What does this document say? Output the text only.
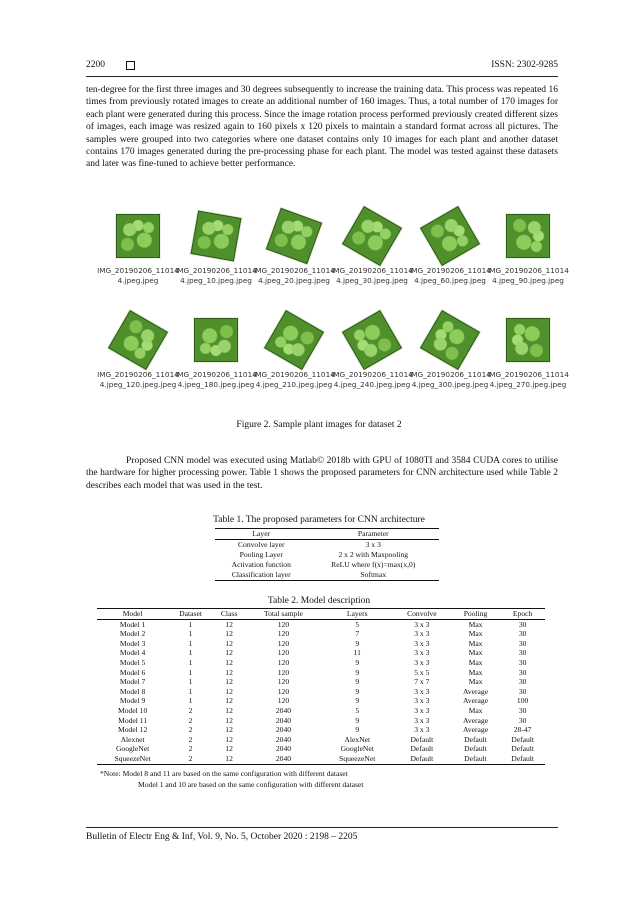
2200	ISSN: 2302-9285

ten-degree for the first three images and 30 degrees subsequently to increase the training data. This process was repeated 16 times from previously rotated images to create an additional number of 160 images. Thus, a total number of 170 images for each plant were generated during this process. Since the image rotation process performed previously created different sizes of images, each image was resized again to 160 pixels x 120 pixels to maintain a standard format across all pictures. The samples were grouped into two categories where one dataset contains only 10 images for each plant and another dataset contains 170 images generated during the pre-processing phase for each plant. The model was tested against these datasets and later was fine-tuned to achieve better performance.

IMG_20190206_110144.jpeg.jpeg
IMG_20190206_110144.jpeg_10.jpeg.jpeg
IMG_20190206_110144.jpeg_20.jpeg.jpeg
IMG_20190206_110144.jpeg_30.jpeg.jpeg
IMG_20190206_110144.jpeg_60.jpeg.jpeg
IMG_20190206_110144.jpeg_90.jpeg.jpeg
IMG_20190206_110144.jpeg_120.jpeg.jpeg
IMG_20190206_110144.jpeg_180.jpeg.jpeg
IMG_20190206_110144.jpeg_210.jpeg.jpeg
IMG_20190206_110144.jpeg_240.jpeg.jpeg
IMG_20190206_110144.jpeg_300.jpeg.jpeg
IMG_20190206_110144.jpeg_270.jpeg.jpeg
Figure 2. Sample plant images for dataset 2

Proposed CNN model was executed using Matlab© 2018b with GPU of 1080TI and 3584 CUDA cores to utilise the hardware for higher processing power. Table 1 shows the proposed parameters for CNN architecture used while Table 2 describes each model that was used in the test.

Table 1. The proposed parameters for CNN architecture
Layer	Parameter
Convolve layer	3 x 3
Pooling Layer	2 x 2 with Maxpooling
Activation function	ReLU where f(x)=max(x,0)
Classification layer	Softmax
Table 2. Model description
Model	Dataset	Class	Total sample	Layers	Convolve	Pooling	Epoch
Model 1	1	12	120	5	3 x 3	Max	30
Model 2	1	12	120	7	3 x 3	Max	30
Model 3	1	12	120	9	3 x 3	Max	30
Model 4	1	12	120	11	3 x 3	Max	30
Model 5	1	12	120	9	3 x 3	Max	30
Model 6	1	12	120	9	5 x 5	Max	30
Model 7	1	12	120	9	7 x 7	Max	30
Model 8	1	12	120	9	3 x 3	Average	30
Model 9	1	12	120	9	3 x 3	Average	100
Model 10	2	12	2040	5	3 x 3	Max	30
Model 11	2	12	2040	9	3 x 3	Average	30
Model 12	2	12	2040	9	3 x 3	Average	28-47
Alexnet	2	12	2040	AlexNet	Default	Default	Default
GoogleNet	2	12	2040	GoogleNet	Default	Default	Default
SqueezeNet	2	12	2040	SqueezeNet	Default	Default	Default
*Note: Model 8 and 11 are based on the same configuration with different dataset
Model 1 and 10 are based on the same configuration with different dataset
Bulletin of Electr Eng & Inf, Vol. 9, No. 5, October 2020 : 2198 – 2205
